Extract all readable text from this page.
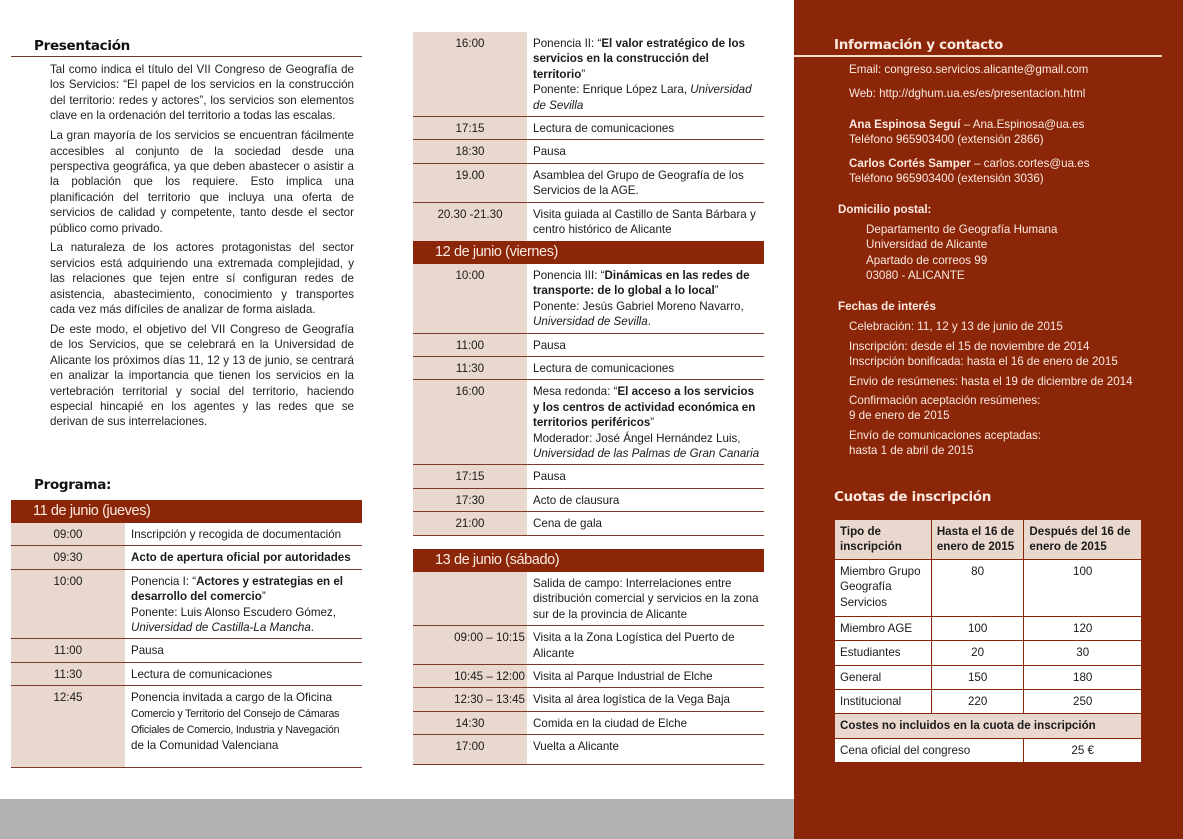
Presentación

Tal como indica el título del VII Congreso de Geografía de los Servicios: “El papel de los servicios en la construcción del territorio: redes y actores”, los servicios son elementos clave en la ordenación del territorio a todas las escalas.

La gran mayoría de los servicios se encuentran fácilmente accesibles al conjunto de la sociedad desde una perspectiva geográfica, ya que deben abastecer o asistir a la población que los requiere. Esto implica una planificación del territorio que incluya una oferta de servicios de calidad y competente, tanto desde el sector público como privado.

La naturaleza de los actores protagonistas del sector servicios está adquiriendo una extremada complejidad, y las relaciones que tejen entre sí configuran redes de asistencia, abastecimiento, conocimiento y transportes cada vez más difíciles de analizar de forma aislada.

De este modo, el objetivo del VII Congreso de Geografía de los Servicios, que se celebrará en la Universidad de Alicante los próximos días 11, 12 y 13 de junio, se centrará en analizar la importancia que tienen los servicios en la vertebración territorial y social del territorio, haciendo especial hincapié en los agentes y las redes que se derivan de sus interrelaciones.

Programa:
11 de junio (jueves)
09:00	Inscripción y recogida de documentación
09:30	Acto de apertura oficial por autoridades
10:00	Ponencia I: “Actores y estrategias en el desarrollo del comercio”
Ponente: Luis Alonso Escudero Gómez,
Universidad de Castilla-La Mancha.
11:00	Pausa
11:30	Lectura de comunicaciones
12:45	Ponencia invitada a cargo de la Oficina
Comercio y Territorio del Consejo de Cámaras Oficiales de Comercio, Industria y Navegación
de la Comunidad Valenciana
16:00	Ponencia II: “El valor estratégico de los servicios en la construcción del territorio”
Ponente: Enrique López Lara, Universidad de Sevilla
17:15	Lectura de comunicaciones
18:30	Pausa
19.00	Asamblea del Grupo de Geografía de los Servicios de la AGE.
20.30 -21.30	Visita guiada al Castillo de Santa Bárbara y centro histórico de Alicante
12 de junio (viernes)
10:00	Ponencia III: “Dinámicas en las redes de transporte: de lo global a lo local”
Ponente: Jesús Gabriel Moreno Navarro,
Universidad de Sevilla.
11:00	Pausa
11:30	Lectura de comunicaciones
16:00	Mesa redonda: “El acceso a los servicios y los centros de actividad económica en territorios periféricos”
Moderador: José Ángel Hernández Luis,
Universidad de las Palmas de Gran Canaria
17:15	Pausa
17:30	Acto de clausura
21:00	Cena de gala
13 de junio (sábado)
Salida de campo: Interrelaciones entre distribución comercial y servicios en la zona sur de la provincia de Alicante
09:00 – 10:15 Visita a la Zona Logística del Puerto de Alicante
10:45 – 12:00 Visita al Parque Industrial de Elche
12:30 – 13:45 Visita al área logística de la Vega Baja
14:30	Comida en la ciudad de Elche
17:00	Vuelta a Alicante
Información y contacto
Email: congreso.servicios.alicante@gmail.com
Web: http://dghum.ua.es/es/presentacion.html
Ana Espinosa Seguí – Ana.Espinosa@ua.es
Teléfono 965903400 (extensión 2866)
Carlos Cortés Samper – carlos.cortes@ua.es
Teléfono 965903400 (extensión 3036)
Domicilio postal:
Departamento de Geografía Humana
Universidad de Alicante
Apartado de correos 99
03080 - ALICANTE
Fechas de interés
Celebración: 11, 12 y 13 de junio de 2015
Inscripción: desde el 15 de noviembre de 2014
Inscripción bonificada: hasta el 16 de enero de 2015
Envio de resúmenes: hasta el 19 de diciembre de 2014
Confirmación aceptación resúmenes:
9 de enero de 2015
Envío de comunicaciones aceptadas:
hasta 1 de abril de 2015
Cuotas de inscripción
Tipo de inscripción	Hasta el 16 de enero de 2015	Después del 16 de enero de 2015
Miembro Grupo Geografía Servicios	80	100
Miembro AGE	100	120
Estudiantes	20	30
General	150	180
Institucional	220	250
Costes no incluidos en la cuota de inscripción		
Cena oficial del congreso		25 €
